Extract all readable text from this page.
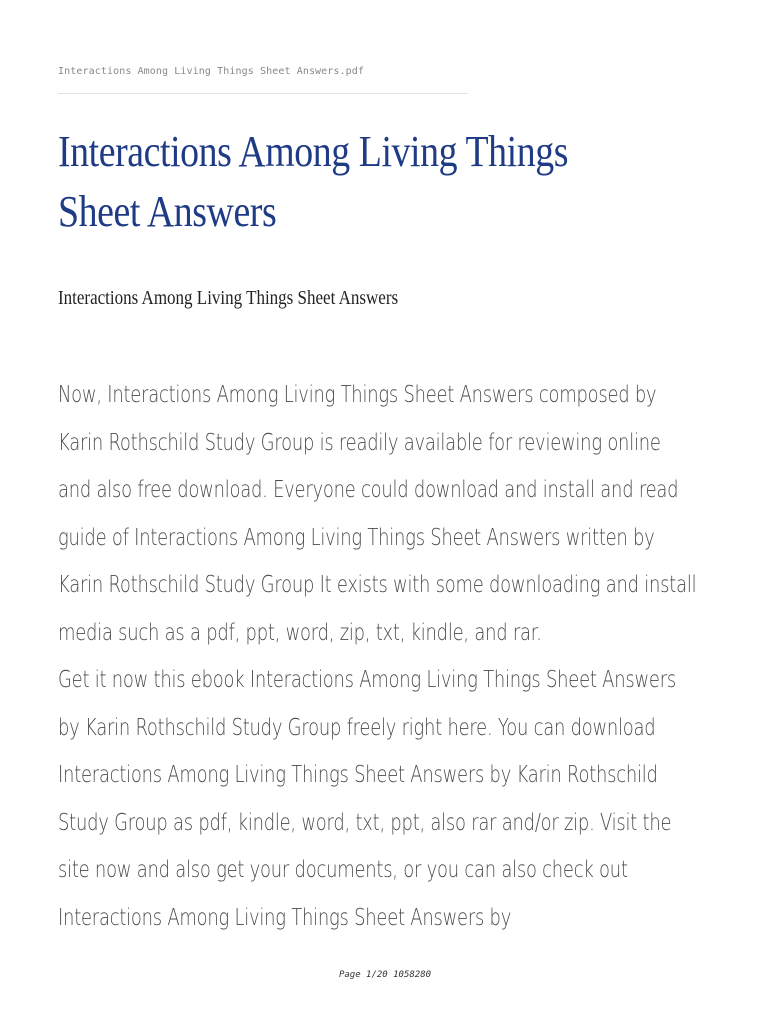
Interactions Among Living Things Sheet Answers.pdf
Interactions Among Living Things Sheet Answers
Interactions Among Living Things Sheet Answers

Now, Interactions Among Living Things Sheet Answers composed by Karin Rothschild Study Group is readily available for reviewing online and also free download. Everyone could download and install and read guide of Interactions Among Living Things Sheet Answers written by Karin Rothschild Study Group It exists with some downloading and install media such as a pdf, ppt, word, zip, txt, kindle, and rar.

Get it now this ebook Interactions Among Living Things Sheet Answers by Karin Rothschild Study Group freely right here. You can download Interactions Among Living Things Sheet Answers by Karin Rothschild Study Group as pdf, kindle, word, txt, ppt, also rar and/or zip. Visit the site now and also get your documents, or you can also check out Interactions Among Living Things Sheet Answers by

Page 1/20 1058280
